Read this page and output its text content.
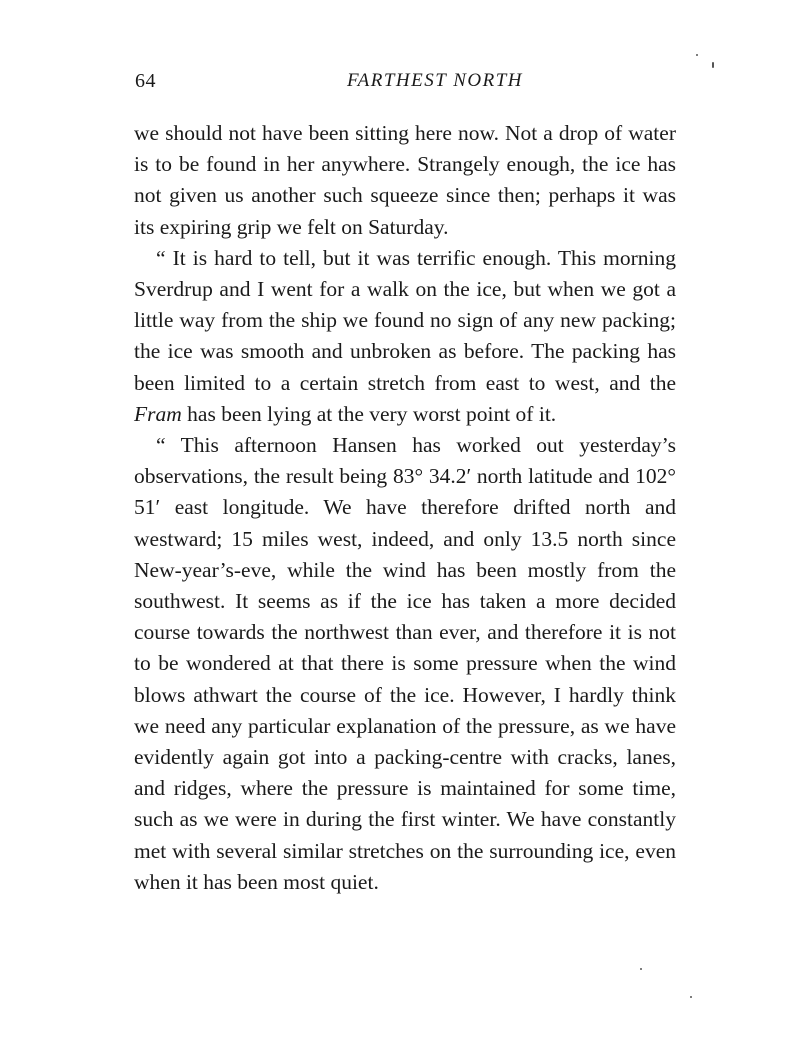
64	FARTHEST NORTH

we should not have been sitting here now. Not a drop of water is to be found in her anywhere. Strangely enough, the ice has not given us another such squeeze since then; perhaps it was its expiring grip we felt on Saturday.

“ It is hard to tell, but it was terrific enough. This morning Sverdrup and I went for a walk on the ice, but when we got a little way from the ship we found no sign of any new packing; the ice was smooth and unbroken as before. The packing has been limited to a certain stretch from east to west, and the Fram has been lying at the very worst point of it.

“ This afternoon Hansen has worked out yesterday’s observations, the result being 83° 34.2′ north latitude and 102° 51′ east longitude. We have therefore drifted north and westward; 15 miles west, indeed, and only 13.5 north since New-year’s-eve, while the wind has been mostly from the southwest. It seems as if the ice has taken a more decided course towards the northwest than ever, and therefore it is not to be wondered at that there is some pressure when the wind blows athwart the course of the ice. However, I hardly think we need any particular explanation of the pressure, as we have evidently again got into a packing-centre with cracks, lanes, and ridges, where the pressure is maintained for some time, such as we were in during the first winter. We have constantly met with several similar stretches on the surrounding ice, even when it has been most quiet.
